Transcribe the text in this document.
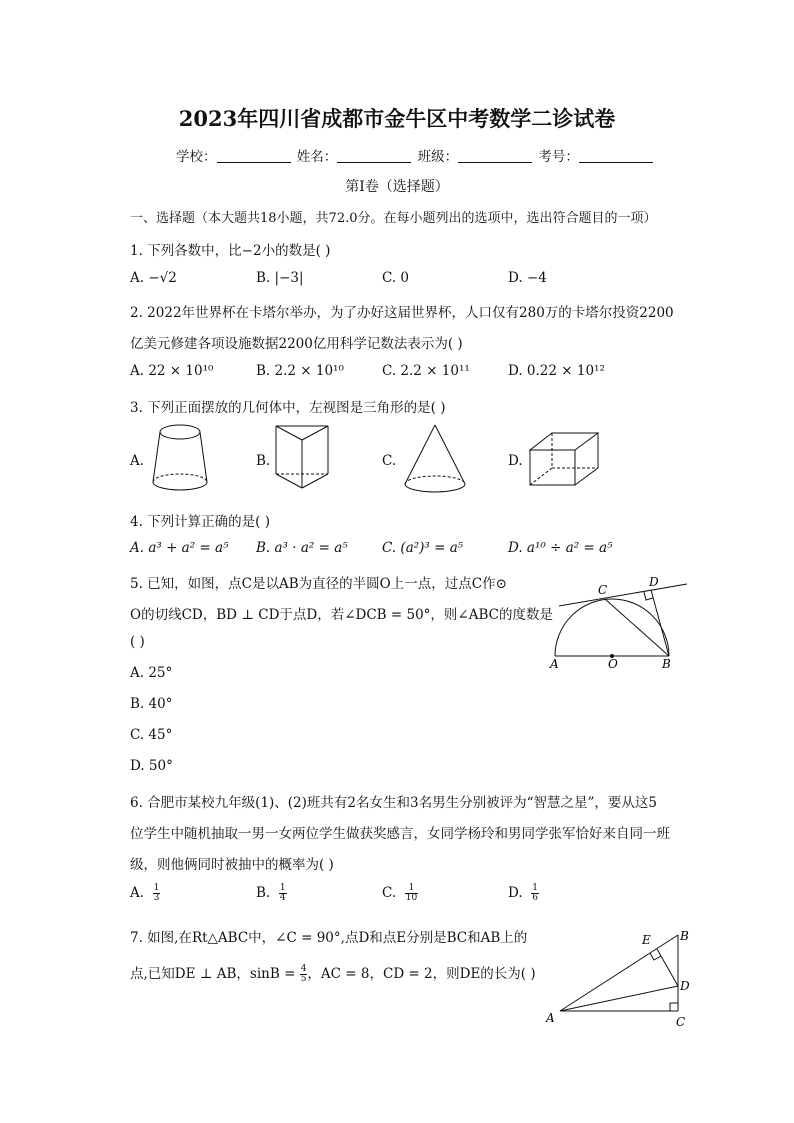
2023年四川省成都市金牛区中考数学二诊试卷
学校：	姓名：	班级：	考号：
第Ⅰ卷（选择题）
一、选择题（本大题共18小题，共72.0分。在每小题列出的选项中，选出符合题目的一项）
1. 下列各数中，比−2小的数是( )
A. −√2	B. |−3|	C. 0	D. −4
2. 2022年世界杯在卡塔尔举办，为了办好这届世界杯，人口仅有280万的卡塔尔投资2200
亿美元修建各项设施数据2200亿用科学记数法表示为( )
A. 22 × 10¹⁰	B. 2.2 × 10¹⁰	C. 2.2 × 10¹¹	D. 0.22 × 10¹²
3. 下列正面摆放的几何体中，左视图是三角形的是( )
A.	B.	C.	D.
4. 下列计算正确的是( )
A. a³ + a² = a⁵ B. a³ · a² = a⁵	C. (a²)³ = a⁵	D. a¹⁰ ÷ a² = a⁵
5. 已知，如图，点C是以AB为直径的半圆O上一点，过点C作⊙
O的切线CD，BD ⊥ CD于点D，若∠DCB = 50°，则∠ABC的度数是
( )
A. 25°
B. 40°
C. 45°
D. 50°
C
D
A	O	B
6. 合肥市某校九年级(1)、(2)班共有2名女生和3名男生分别被评为“智慧之星”，要从这5
位学生中随机抽取一男一女两位学生做获奖感言，女同学杨玲和男同学张军恰好来自同一班
级，则他俩同时被抽中的概率为( )
A. $\frac{1}{3}$	B. $\frac{1}{4}$	C. $\frac{1}{10}$	D. $\frac{1}{6}$
7. 如图,在Rt△ABC中，∠C = 90°,点D和点E分别是BC和AB上的
点,已知DE ⊥ AB，$\sin B = \frac{4}{5}$ ，AC = 8，CD = 2，则DE的长为( )
E B
D
A	C
